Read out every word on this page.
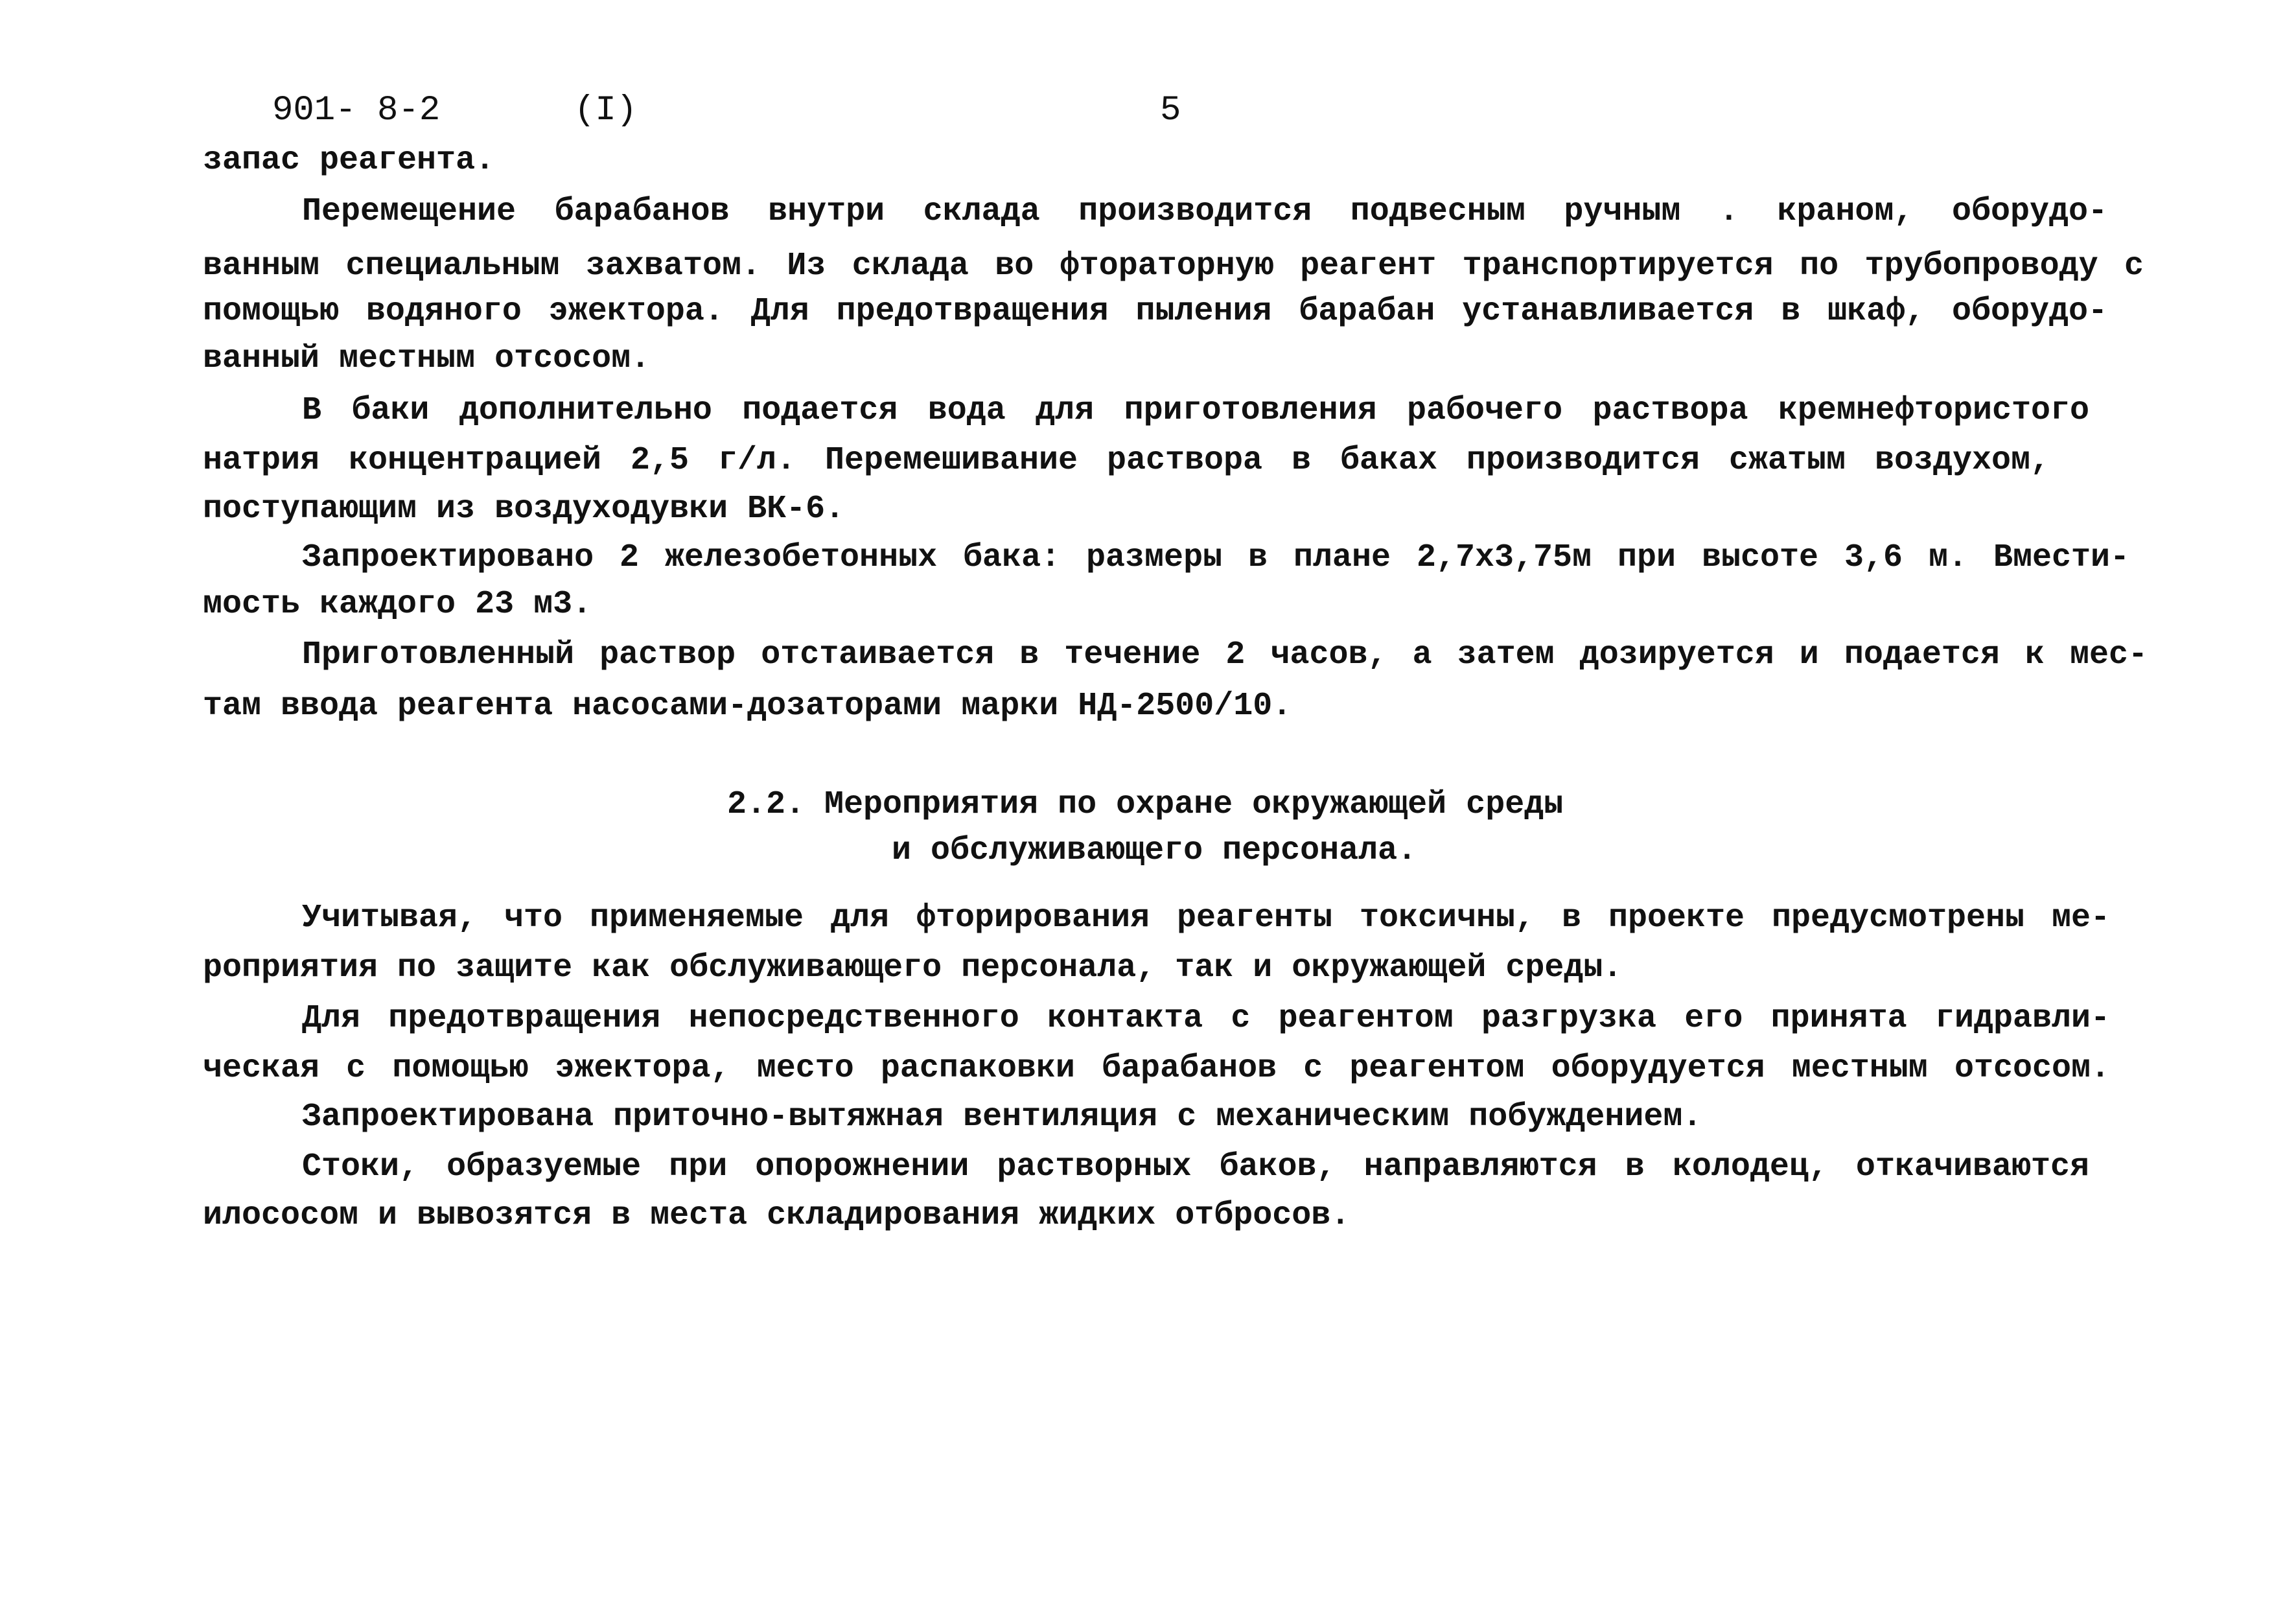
901- 8-2	(I)	5
запас реагента.
Перемещение барабанов внутри склада производится подвесным ручным . краном, оборудо-
ванным специальным захватом. Из склада во фтораторную реагент транспортируется по трубопроводу с
помощью водяного эжектора. Для предотвращения пыления барабан устанавливается в шкаф, оборудо-
ванный местным отсосом.
В баки дополнительно подается вода для приготовления рабочего раствора кремнефтористого
натрия концентрацией 2,5 г/л. Перемешивание раствора в баках производится сжатым воздухом,
поступающим из воздуходувки ВК-6.
Запроектировано 2 железобетонных бака: размеры в плане 2,7х3,75м при высоте 3,6 м. Вмести-
мость каждого 23 м3.
Приготовленный раствор отстаивается в течение 2 часов, а затем дозируется и подается к мес-
там ввода реагента насосами-дозаторами марки НД-2500/10.
2.2. Мероприятия по охране окружающей среды
и обслуживающего персонала.
Учитывая, что применяемые для фторирования реагенты токсичны, в проекте предусмотрены ме-
роприятия по защите как обслуживающего персонала, так и окружающей среды.
Для предотвращения непосредственного контакта с реагентом разгрузка его принята гидравли-
ческая с помощью эжектора, место распаковки барабанов с реагентом оборудуется местным отсосом.
Запроектирована приточно-вытяжная вентиляция с механическим побуждением.
Стоки, образуемые при опорожнении растворных баков, направляются в колодец, откачиваются
илососом и вывозятся в места складирования жидких отбросов.
